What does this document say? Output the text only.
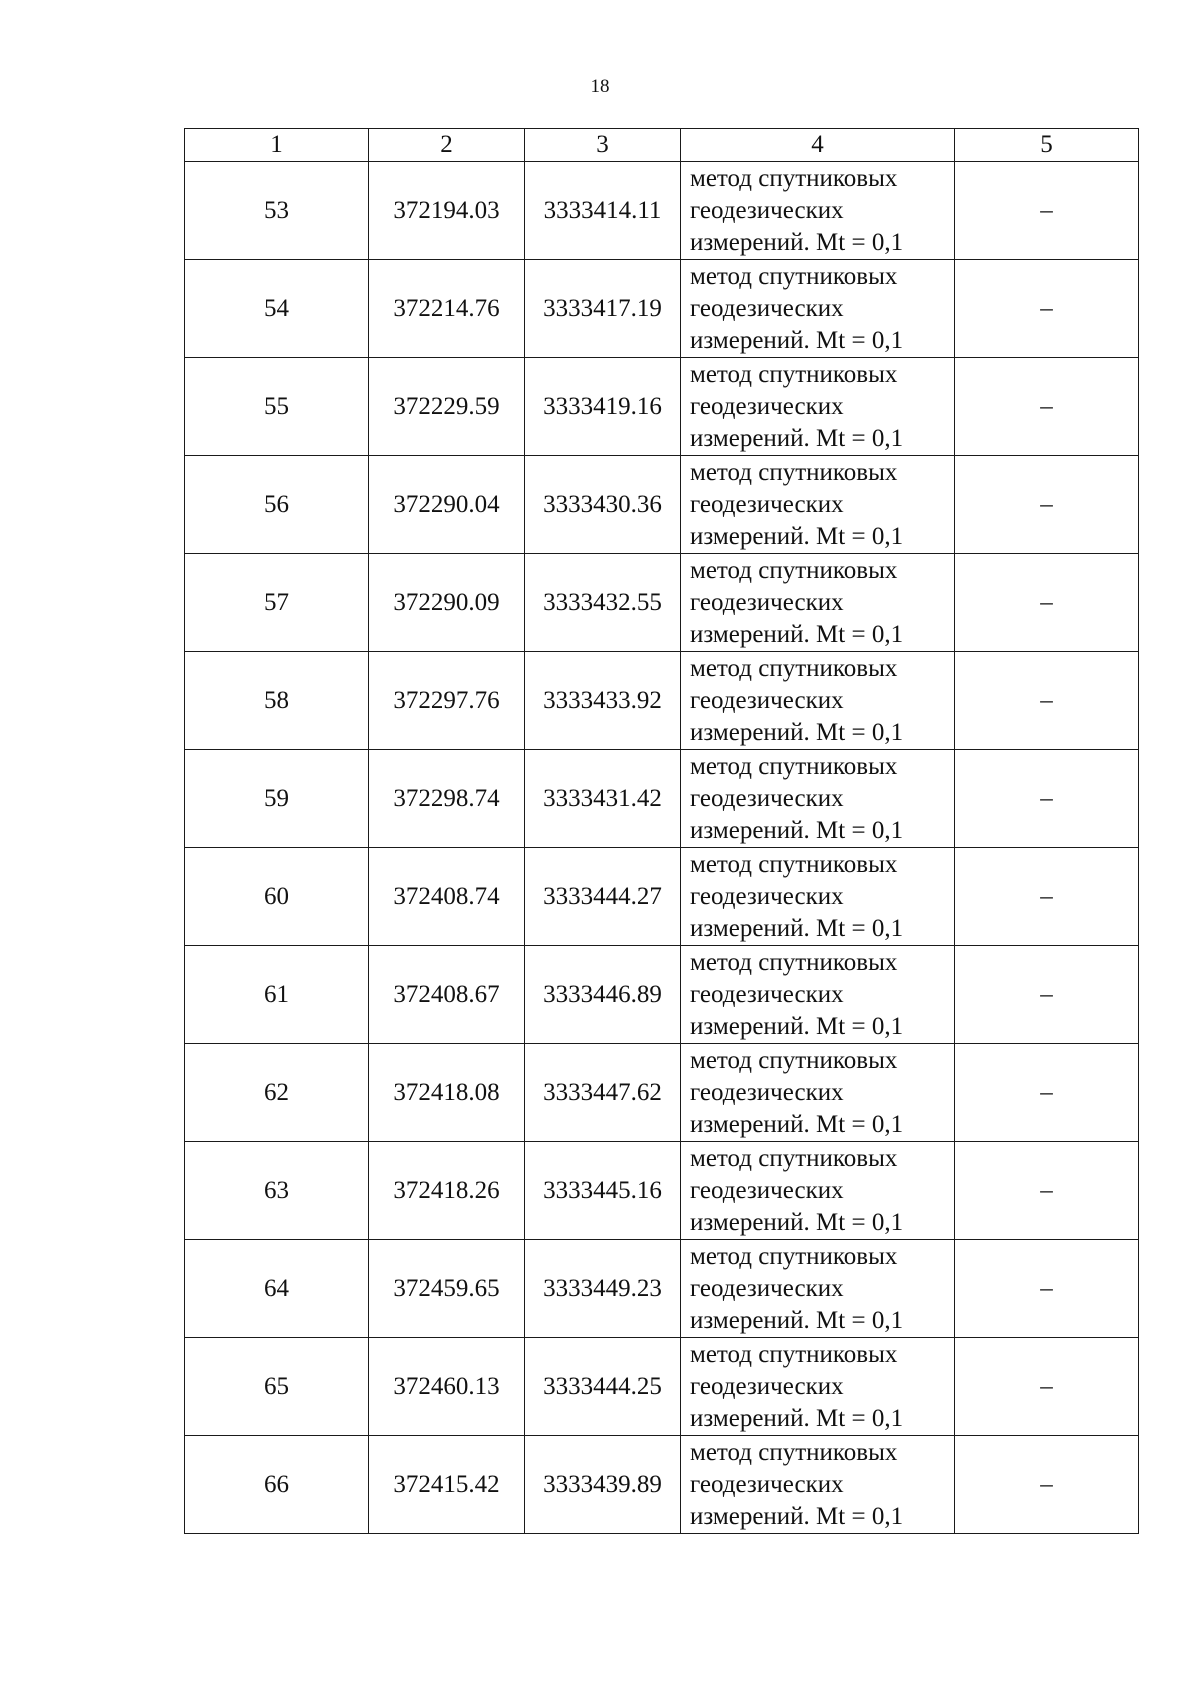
18
1	2	3	4	5
53	372194.03	3333414.11	метод спутниковых
геодезических
измерений. Mt = 0,1	–
54	372214.76	3333417.19	метод спутниковых
геодезических
измерений. Mt = 0,1	–
55	372229.59	3333419.16	метод спутниковых
геодезических
измерений. Mt = 0,1	–
56	372290.04	3333430.36	метод спутниковых
геодезических
измерений. Mt = 0,1	–
57	372290.09	3333432.55	метод спутниковых
геодезических
измерений. Mt = 0,1	–
58	372297.76	3333433.92	метод спутниковых
геодезических
измерений. Mt = 0,1	–
59	372298.74	3333431.42	метод спутниковых
геодезических
измерений. Mt = 0,1	–
60	372408.74	3333444.27	метод спутниковых
геодезических
измерений. Mt = 0,1	–
61	372408.67	3333446.89	метод спутниковых
геодезических
измерений. Mt = 0,1	–
62	372418.08	3333447.62	метод спутниковых
геодезических
измерений. Mt = 0,1	–
63	372418.26	3333445.16	метод спутниковых
геодезических
измерений. Mt = 0,1	–
64	372459.65	3333449.23	метод спутниковых
геодезических
измерений. Mt = 0,1	–
65	372460.13	3333444.25	метод спутниковых
геодезических
измерений. Mt = 0,1	–
66	372415.42	3333439.89	метод спутниковых
геодезических
измерений. Mt = 0,1	–
